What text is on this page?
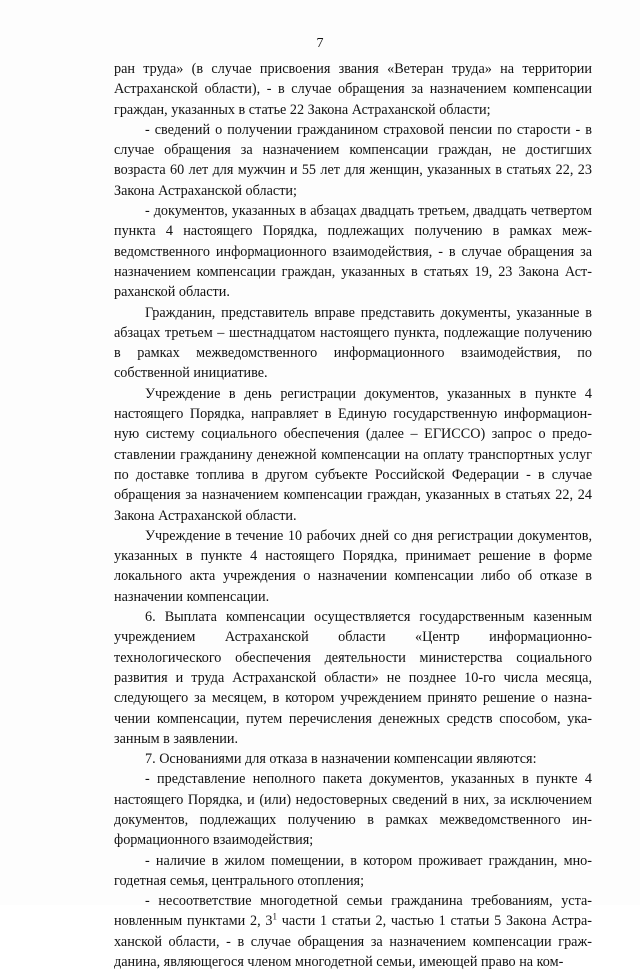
7

ран труда» (в случае присвоения звания «Ветеран труда» на территории Астраханской области), - в случае обращения за назначением компенсации граждан, указанных в статье 22 Закона Астраханской области;

- сведений о получении гражданином страховой пенсии по старости - в случае обращения за назначением компенсации граждан, не достигших возраста 60 лет для мужчин и 55 лет для женщин, указанных в статьях 22, 23 Закона Астраханской области;

- документов, указанных в абзацах двадцать третьем, двадцать четвертом пункта 4 настоящего Порядка, подлежащих получению в рамках межведомственного информационного взаимодействия, - в случае обращения за назначением компенсации граждан, указанных в статьях 19, 23 Закона Астраханской области.

Гражданин, представитель вправе представить документы, указанные в абзацах третьем – шестнадцатом настоящего пункта, подлежащие получению в рамках межведомственного информационного взаимодействия, по собственной инициативе.

Учреждение в день регистрации документов, указанных в пункте 4 настоящего Порядка, направляет в Единую государственную информационную систему социального обеспечения (далее – ЕГИССО) запрос о предоставлении гражданину денежной компенсации на оплату транспортных услуг по доставке топлива в другом субъекте Российской Федерации - в случае обращения за назначением компенсации граждан, указанных в статьях 22, 24 Закона Астраханской области.

Учреждение в течение 10 рабочих дней со дня регистрации документов, указанных в пункте 4 настоящего Порядка, принимает решение в форме локального акта учреждения о назначении компенсации либо об отказе в назначении компенсации.

6. Выплата компенсации осуществляется государственным казенным учреждением Астраханской области «Центр информационно-технологического обеспечения деятельности министерства социального развития и труда Астраханской области» не позднее 10-го числа месяца, следующего за месяцем, в котором учреждением принято решение о назначении компенсации, путем перечисления денежных средств способом, указанным в заявлении.

7. Основаниями для отказа в назначении компенсации являются:

- представление неполного пакета документов, указанных в пункте 4 настоящего Порядка, и (или) недостоверных сведений в них, за исключением документов, подлежащих получению в рамках межведомственного информационного взаимодействия;

- наличие в жилом помещении, в котором проживает гражданин, многодетная семья, центрального отопления;

- несоответствие многодетной семьи гражданина требованиям, установленным пунктами 2, $3^1$ части 1 статьи 2, частью 1 статьи 5 Закона Астраханской области, - в случае обращения за назначением компенсации гражданина, являющегося членом многодетной семьи, имеющей право на ком-
